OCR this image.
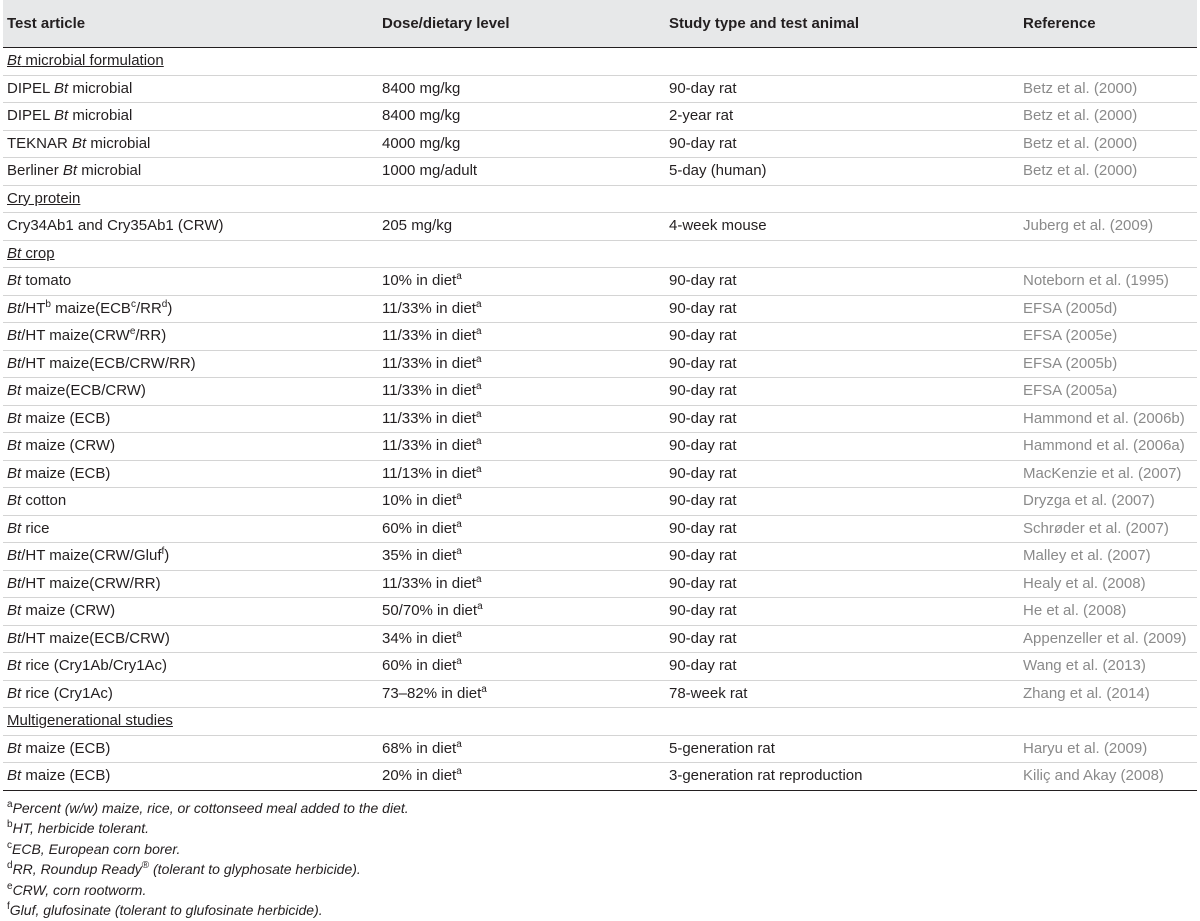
Test article	Dose/dietary level	Study type and test animal	Reference
Bt microbial formulation			
DIPEL Bt microbial	8400 mg/kg	90-day rat	Betz et al. (2000)
DIPEL Bt microbial	8400 mg/kg	2-year rat	Betz et al. (2000)
TEKNAR Bt microbial	4000 mg/kg	90-day rat	Betz et al. (2000)
Berliner Bt microbial	1000 mg/adult	5-day (human)	Betz et al. (2000)
Cry protein			
Cry34Ab1 and Cry35Ab1 (CRW)	205 mg/kg	4-week mouse	Juberg et al. (2009)
Bt crop			
Bt tomato	10% in diet$^a$	90-day rat	Noteborn et al. (1995)
$Bt/HT^b$ $maize(ECB^c/RR^d)$	11/33% in diet$^a$	90-day rat	EFSA (2005d)
Bt/HT maize(CRW$^e$/RR)	11/33% in diet$^a$	90-day rat	EFSA (2005e)
Bt/HT maize(ECB/CRW/RR)	11/33% in diet$^a$	90-day rat	EFSA (2005b)
Bt maize(ECB/CRW)	11/33% in diet$^a$	90-day rat	EFSA (2005a)
Bt maize (ECB)	11/33% in diet$^a$	90-day rat	Hammond et al. (2006b)
Bt maize (CRW)	11/33% in diet$^a$	90-day rat	Hammond et al. (2006a)
Bt maize (ECB)	11/13% in diet$^a$	90-day rat	MacKenzie et al. (2007)
Bt cotton	10% in diet$^a$	90-day rat	Dryzga et al. (2007)
Bt rice	60% in diet$^a$	90-day rat	Schrøder et al. (2007)
Bt/HT maize(CRW/Gluf$^f$)	35% in diet$^a$	90-day rat	Malley et al. (2007)
Bt/HT maize(CRW/RR)	11/33% in diet$^a$	90-day rat	Healy et al. (2008)
Bt maize (CRW)	50/70% in diet$^a$	90-day rat	He et al. (2008)
Bt/HT maize(ECB/CRW)	34% in diet$^a$	90-day rat	Appenzeller et al. (2009)
Bt rice (Cry1Ab/Cry1Ac)	60% in diet$^a$	90-day rat	Wang et al. (2013)
Bt rice (Cry1Ac)	73–82% in diet$^a$	78-week rat	Zhang et al. (2014)
Multigenerational studies			
Bt maize (ECB)	68% in diet$^a$	5-generation rat	Haryu et al. (2009)
Bt maize (ECB)	20% in diet$^a$	3-generation rat reproduction	Kiliç and Akay (2008)
$^a$Percent (w/w) maize, rice, or cottonseed meal added to the diet.
$^b$HT, herbicide tolerant.
$^c$ECB, European corn borer.
$^d$RR, Roundup Ready® (tolerant to glyphosate herbicide).
$^e$CRW, corn rootworm.
$^f$Gluf, glufosinate (tolerant to glufosinate herbicide).
